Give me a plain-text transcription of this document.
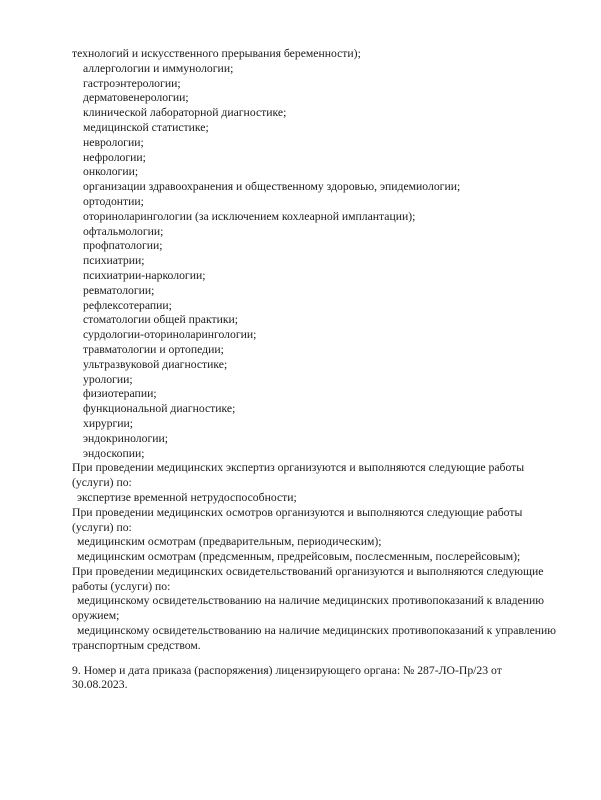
технологий и искусственного прерывания беременности);
аллергологии и иммунологии;
гастроэнтерологии;
дерматовенерологии;
клинической лабораторной диагностике;
медицинской статистике;
неврологии;
нефрологии;
онкологии;
организации здравоохранения и общественному здоровью, эпидемиологии;
ортодонтии;
оториноларингологии (за исключением кохлеарной имплантации);
офтальмологии;
профпатологии;
психиатрии;
психиатрии-наркологии;
ревматологии;
рефлексотерапии;
стоматологии общей практики;
сурдологии-оториноларингологии;
травматологии и ортопедии;
ультразвуковой диагностике;
урологии;
физиотерапии;
функциональной диагностике;
хирургии;
эндокринологии;
эндоскопии;
При проведении медицинских экспертиз организуются и выполняются следующие работы
(услуги) по:
экспертизе временной нетрудоспособности;
При проведении медицинских осмотров организуются и выполняются следующие работы
(услуги) по:
медицинским осмотрам (предварительным, периодическим);
медицинским осмотрам (предсменным, предрейсовым, послесменным, послерейсовым);
При проведении медицинских освидетельствований организуются и выполняются следующие
работы (услуги) по:
медицинскому освидетельствованию на наличие медицинских противопоказаний к владению
оружием;
медицинскому освидетельствованию на наличие медицинских противопоказаний к управлению
транспортным средством.
9. Номер и дата приказа (распоряжения) лицензирующего органа: № 287-ЛО-Пр/23 от
30.08.2023.
